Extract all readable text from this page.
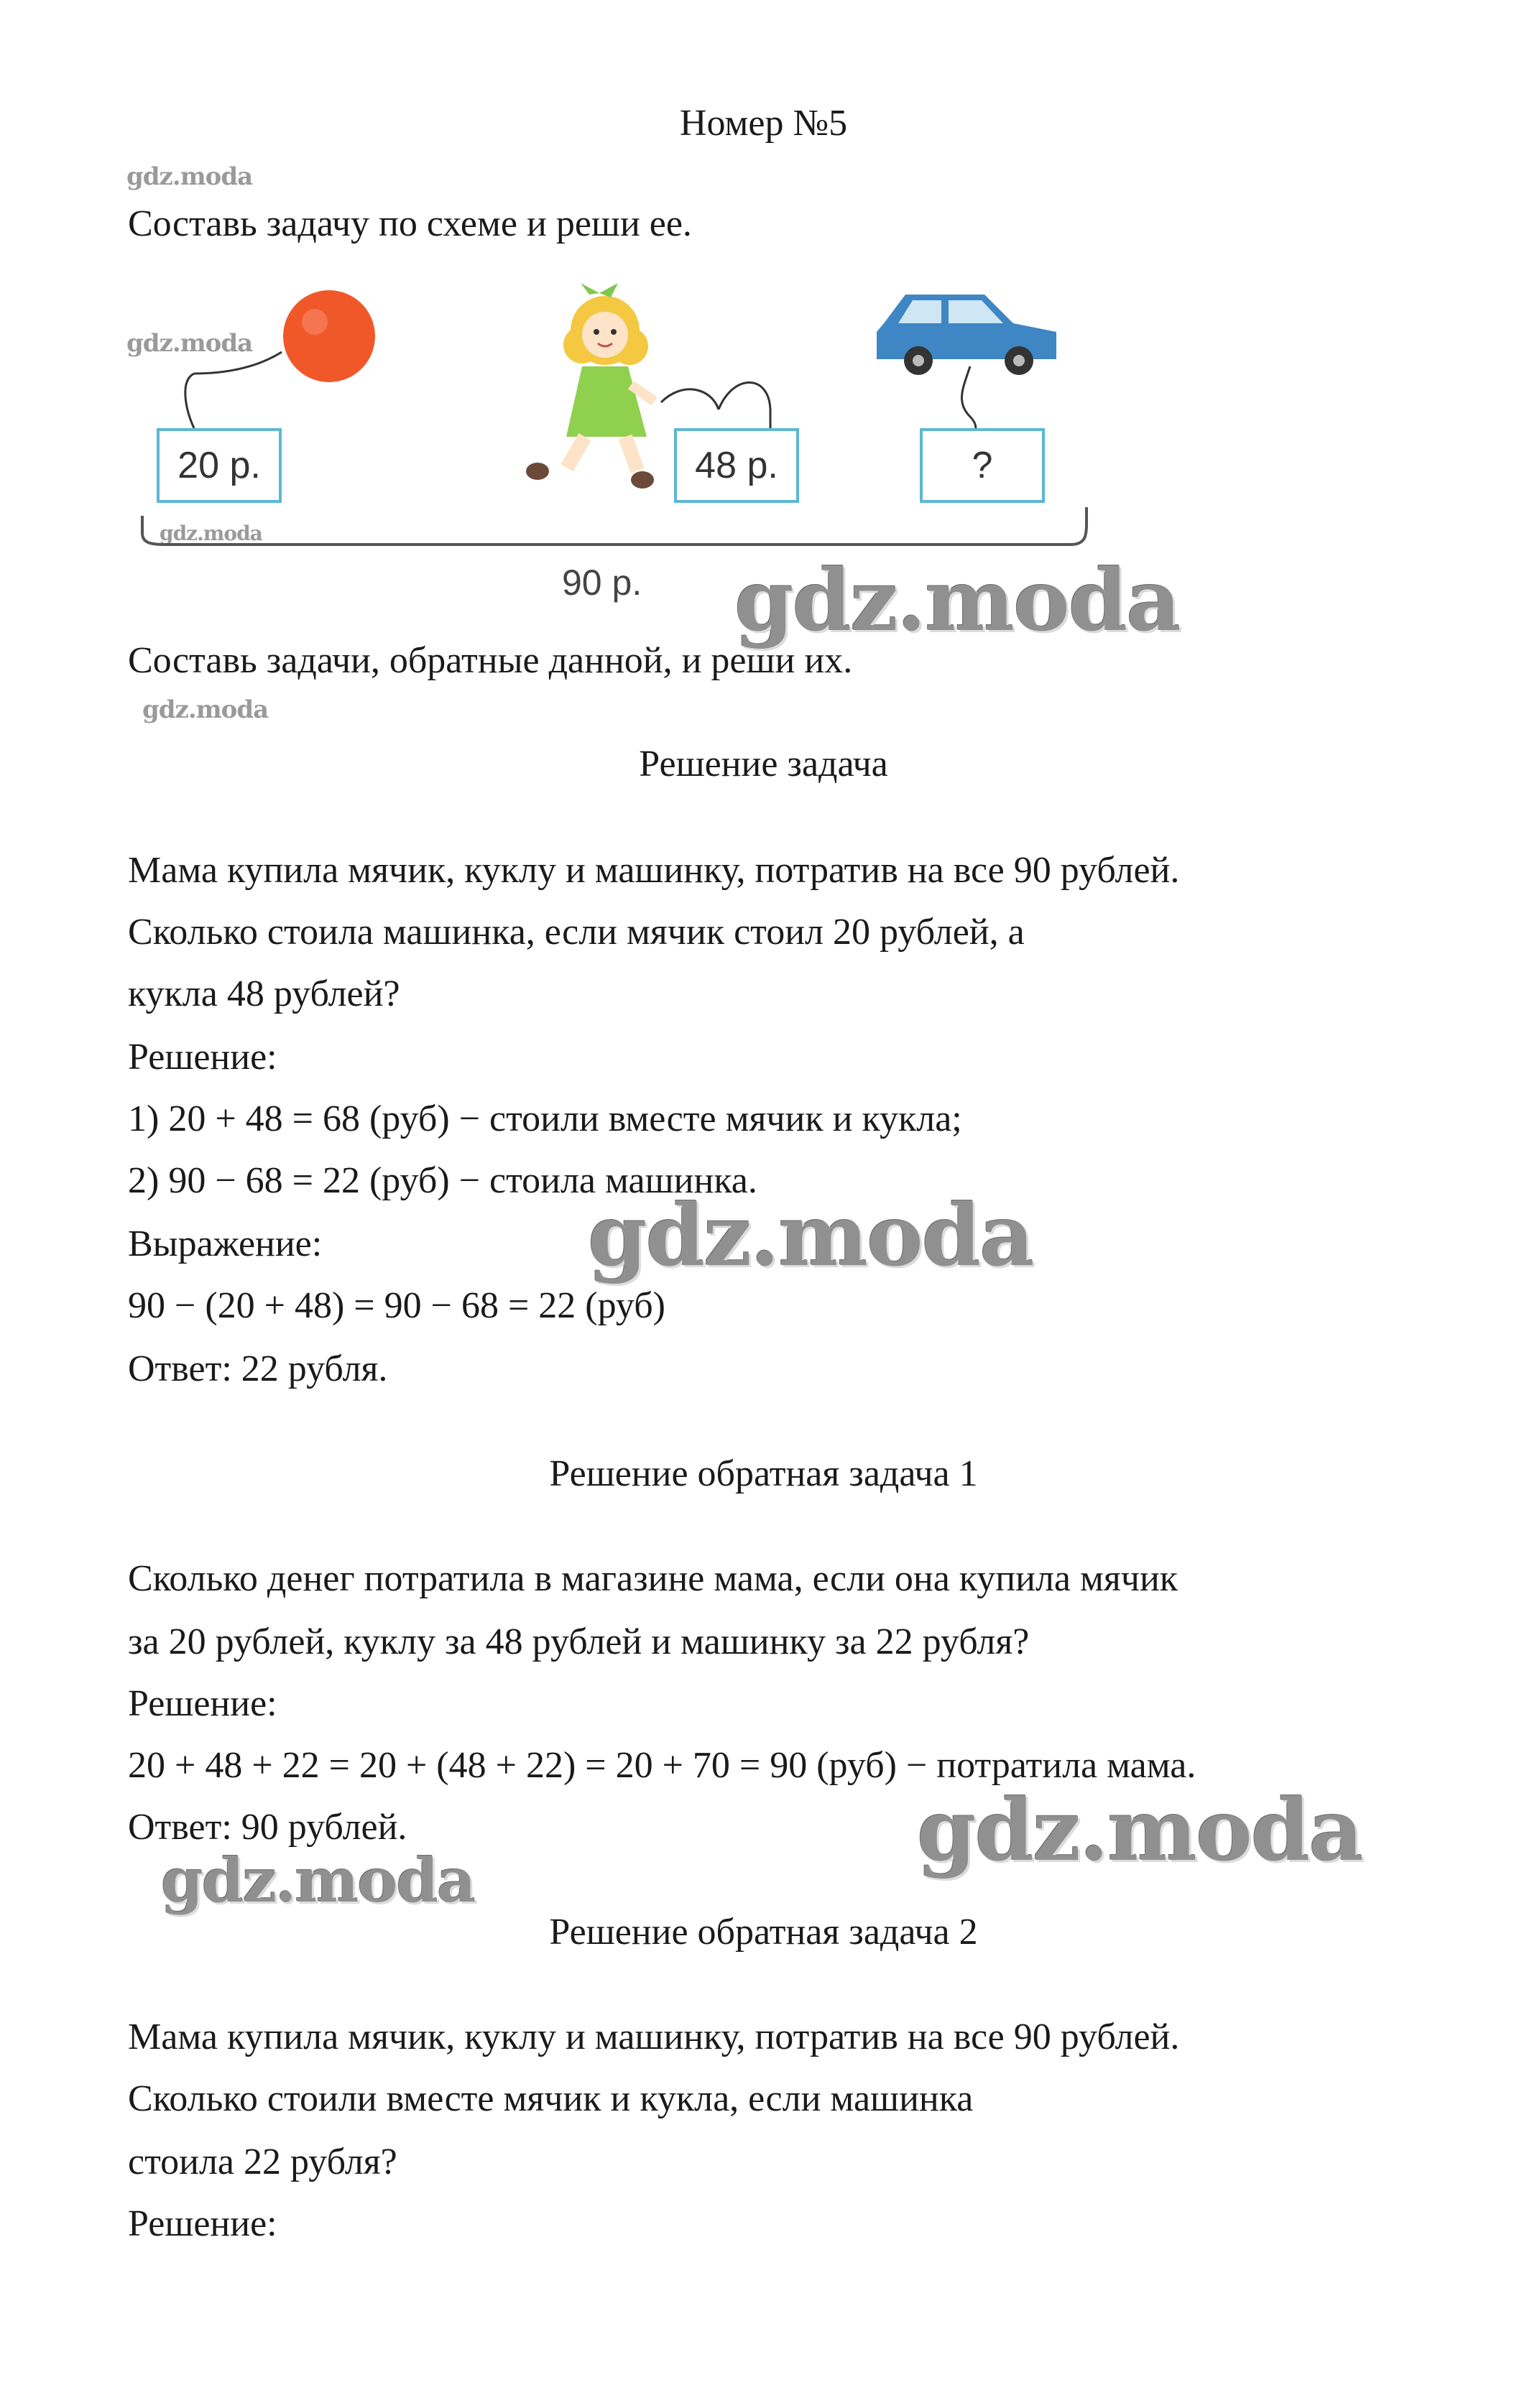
Номер №5
gdz.moda
gdz.moda
gdz.moda
gdz.moda
Составь задачу по схеме и реши ее.
20 р.	48 р.	?
90 р. gdz.moda
Составь задачи, обратные данной, и реши их.
Решение задача
Мама купила мячик, куклу и машинку, потратив на все 90 рублей.
Сколько стоила машинка, если мячик стоил 20 рублей, а
кукла 48 рублей?
Решение:
1) 20 + 48 = 68 (руб) − стоили вместе мячик и кукла;
2) 90 − 68 = 22 (руб) − стоила машинка.
Выражение:
90 − (20 + 48) = 90 − 68 = 22 (руб)
Ответ: 22 рубля.
gdz.moda
Решение обратная задача 1
Сколько денег потратила в магазине мама, если она купила мячик
за 20 рублей, куклу за 48 рублей и машинку за 22 рубля?
Решение:
20 + 48 + 22 = 20 + (48 + 22) = 20 + 70 = 90 (руб) − потратила мама.
Ответ: 90 рублей.	gdz.moda
gdz.moda
Решение обратная задача 2
Мама купила мячик, куклу и машинку, потратив на все 90 рублей.
Сколько стоили вместе мячик и кукла, если машинка
стоила 22 рубля?
Решение:
